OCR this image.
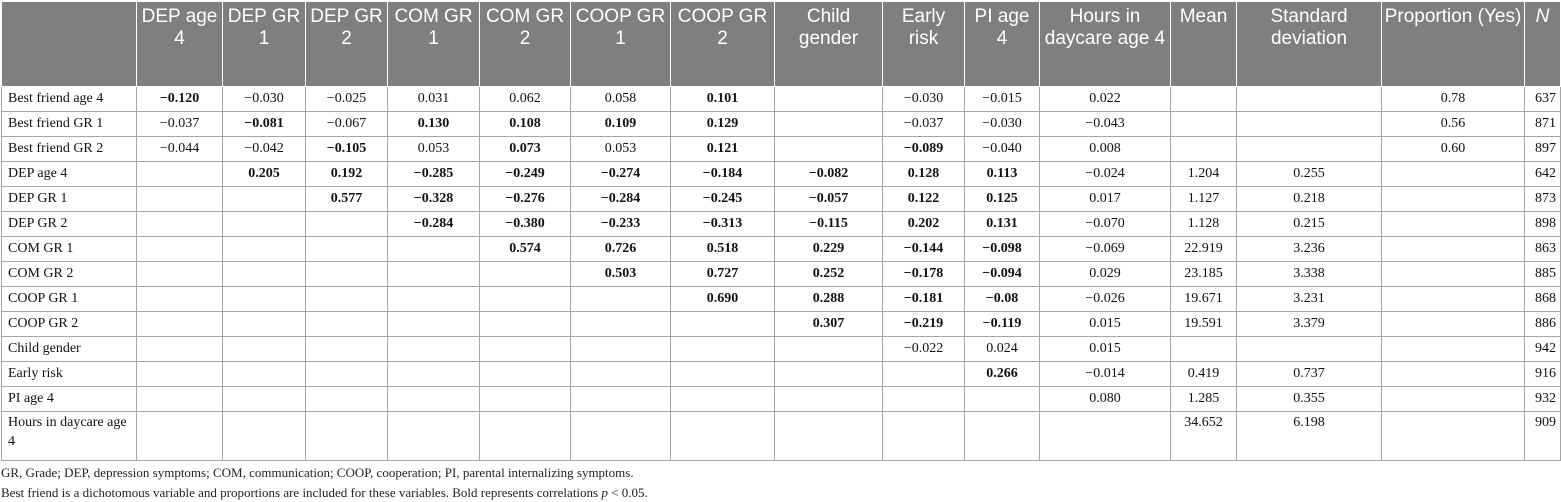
	DEP age 4	DEP GR 1	DEP GR 2	COM GR 1	COM GR 2	COOP GR 1	COOP GR 2	Child gender	Early risk	PI age 4	Hours in daycare age 4	Mean	Standard deviation	Proportion (Yes)	N
Best friend age 4	−0.120	−0.030	−0.025	0.031	0.062	0.058	0.101		−0.030	−0.015	0.022			0.78	637
Best friend GR 1	−0.037	−0.081	−0.067	0.130	0.108	0.109	0.129		−0.037	−0.030	−0.043			0.56	871
Best friend GR 2	−0.044	−0.042	−0.105	0.053	0.073	0.053	0.121		−0.089	−0.040	0.008			0.60	897
DEP age 4		0.205	0.192	−0.285	−0.249	−0.274	−0.184	−0.082	0.128	0.113	−0.024	1.204	0.255		642
DEP GR 1			0.577	−0.328	−0.276	−0.284	−0.245	−0.057	0.122	0.125	0.017	1.127	0.218		873
DEP GR 2				−0.284	−0.380	−0.233	−0.313	−0.115	0.202	0.131	−0.070	1.128	0.215		898
COM GR 1					0.574	0.726	0.518	0.229	−0.144	−0.098	−0.069	22.919	3.236		863
COM GR 2						0.503	0.727	0.252	−0.178	−0.094	0.029	23.185	3.338		885
COOP GR 1							0.690	0.288	−0.181	−0.08	−0.026	19.671	3.231		868
COOP GR 2								0.307	−0.219	−0.119	0.015	19.591	3.379		886
Child gender									−0.022	0.024	0.015				942
Early risk										0.266	−0.014	0.419	0.737		916
PI age 4											0.080	1.285	0.355		932
Hours in daycare age 4												34.652	6.198		909

GR, Grade; DEP, depression symptoms; COM, communication; COOP, cooperation; PI, parental internalizing symptoms.

Best friend is a dichotomous variable and proportions are included for these variables. Bold represents correlations p < 0.05.
